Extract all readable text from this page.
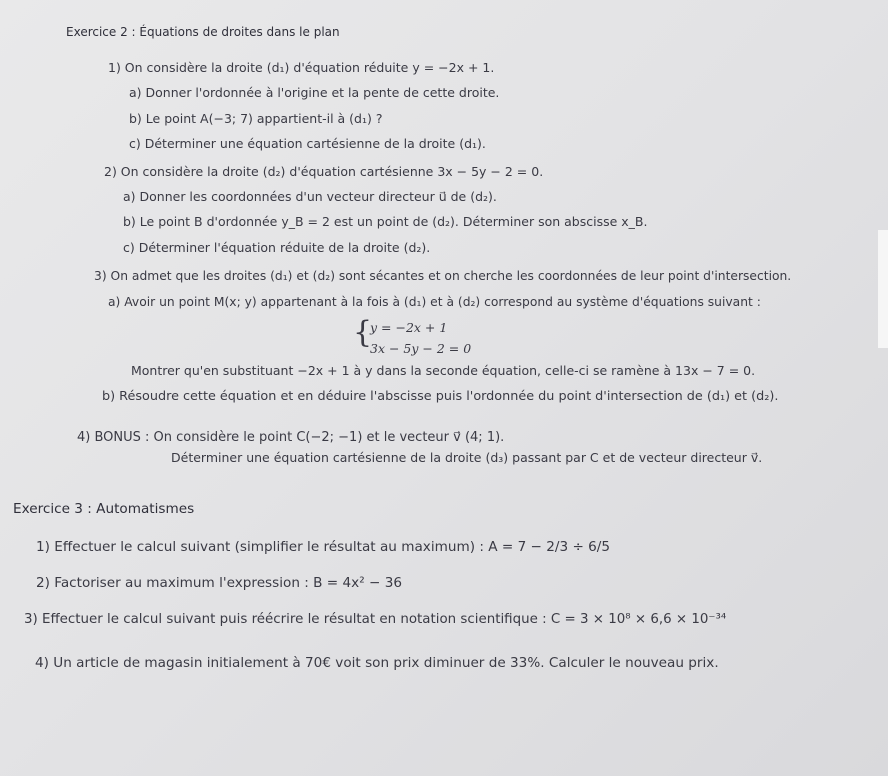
Exercice 2 : Équations de droites dans le plan
1) On considère la droite (d₁) d'équation réduite y = −2x + 1.
a) Donner l'ordonnée à l'origine et la pente de cette droite.
b) Le point A(−3; 7) appartient-il à (d₁) ?
c) Déterminer une équation cartésienne de la droite (d₁).
2) On considère la droite (d₂) d'équation cartésienne 3x − 5y − 2 = 0.
a) Donner les coordonnées d'un vecteur directeur u⃗ de (d₂).
b) Le point B d'ordonnée y_B = 2 est un point de (d₂). Déterminer son abscisse x_B.
c) Déterminer l'équation réduite de la droite (d₂).
3) On admet que les droites (d₁) et (d₂) sont sécantes et on cherche les coordonnées de leur point d'intersection.
a) Avoir un point M(x; y) appartenant à la fois à (d₁) et à (d₂) correspond au système d'équations suivant :
{
y = −2x + 1
3x − 5y − 2 = 0
Montrer qu'en substituant −2x + 1 à y dans la seconde équation, celle-ci se ramène à 13x − 7 = 0.
b) Résoudre cette équation et en déduire l'abscisse puis l'ordonnée du point d'intersection de (d₁) et (d₂).
4) BONUS : On considère le point C(−2; −1) et le vecteur v⃗ (4; 1).
Déterminer une équation cartésienne de la droite (d₃) passant par C et de vecteur directeur v⃗.
Exercice 3 : Automatismes
1) Effectuer le calcul suivant (simplifier le résultat au maximum) : A = 7 − 2/3 ÷ 6/5
2) Factoriser au maximum l'expression : B = 4x² − 36
3) Effectuer le calcul suivant puis réécrire le résultat en notation scientifique : C = 3 × 10⁸ × 6,6 × 10⁻³⁴
4) Un article de magasin initialement à 70€ voit son prix diminuer de 33%. Calculer le nouveau prix.
